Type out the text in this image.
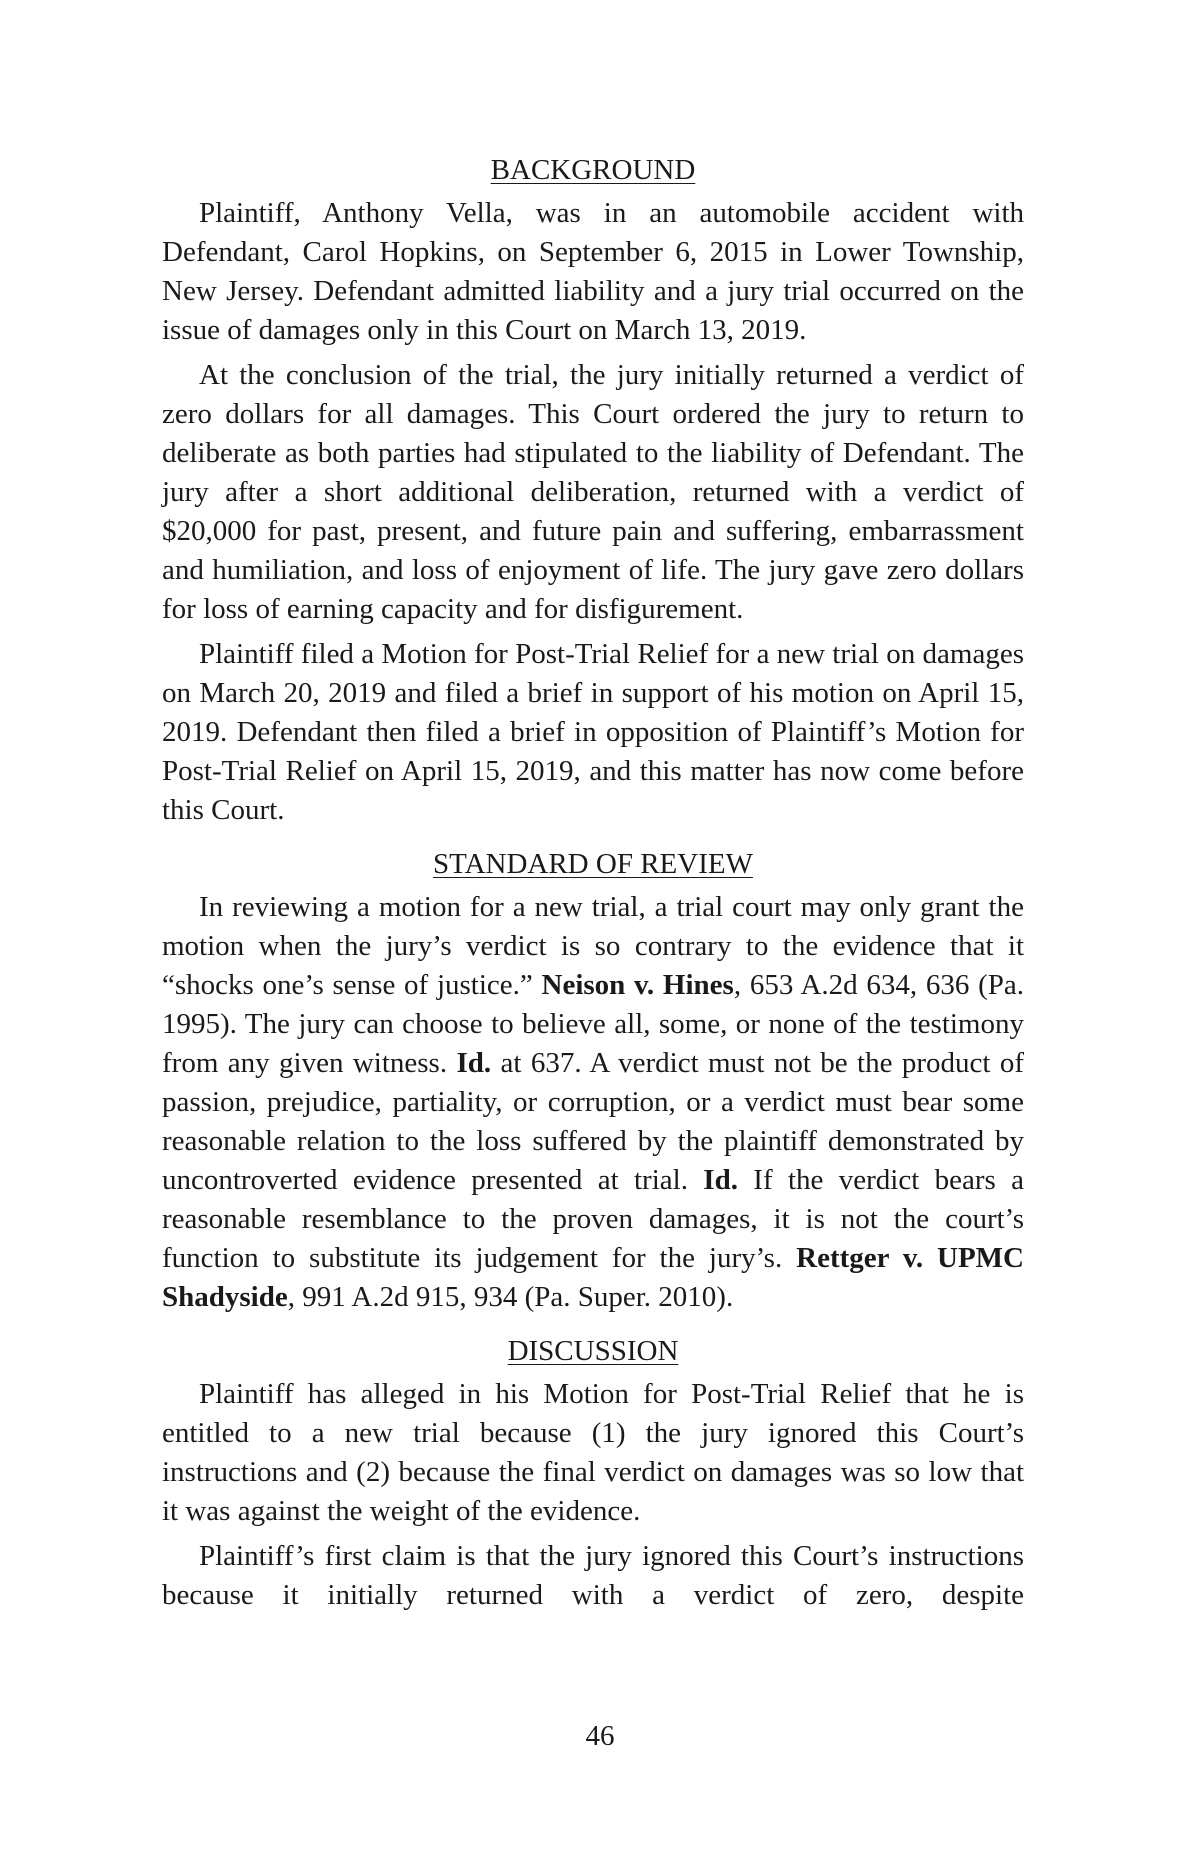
BACKGROUND

Plaintiff, Anthony Vella, was in an automobile accident with Defendant, Carol Hopkins, on September 6, 2015 in Lower Township, New Jersey. Defendant admitted liability and a jury trial occurred on the issue of damages only in this Court on March 13, 2019.

At the conclusion of the trial, the jury initially returned a verdict of zero dollars for all damages. This Court ordered the jury to return to deliberate as both parties had stipulated to the liability of Defendant. The jury after a short additional deliberation, returned with a verdict of $20,000 for past, present, and future pain and suffering, embarrassment and humiliation, and loss of enjoyment of life. The jury gave zero dollars for loss of earning capacity and for disfigurement.

Plaintiff filed a Motion for Post-Trial Relief for a new trial on damages on March 20, 2019 and filed a brief in support of his motion on April 15, 2019. Defendant then filed a brief in opposition of Plaintiff’s Motion for Post-Trial Relief on April 15, 2019, and this matter has now come before this Court.

STANDARD OF REVIEW

In reviewing a motion for a new trial, a trial court may only grant the motion when the jury’s verdict is so contrary to the evidence that it “shocks one’s sense of justice.” Neison v. Hines, 653 A.2d 634, 636 (Pa. 1995). The jury can choose to believe all, some, or none of the testimony from any given witness. Id. at 637. A verdict must not be the product of passion, prejudice, partiality, or corruption, or a verdict must bear some reasonable relation to the loss suffered by the plaintiff demonstrated by uncontroverted evidence presented at trial. Id. If the verdict bears a reasonable resemblance to the proven damages, it is not the court’s function to substitute its judgement for the jury’s. Rettger v. UPMC Shadyside, 991 A.2d 915, 934 (Pa. Super. 2010).

DISCUSSION

Plaintiff has alleged in his Motion for Post-Trial Relief that he is entitled to a new trial because (1) the jury ignored this Court’s instructions and (2) because the final verdict on damages was so low that it was against the weight of the evidence.

Plaintiff’s first claim is that the jury ignored this Court’s instructions because it initially returned with a verdict of zero, despite

46
